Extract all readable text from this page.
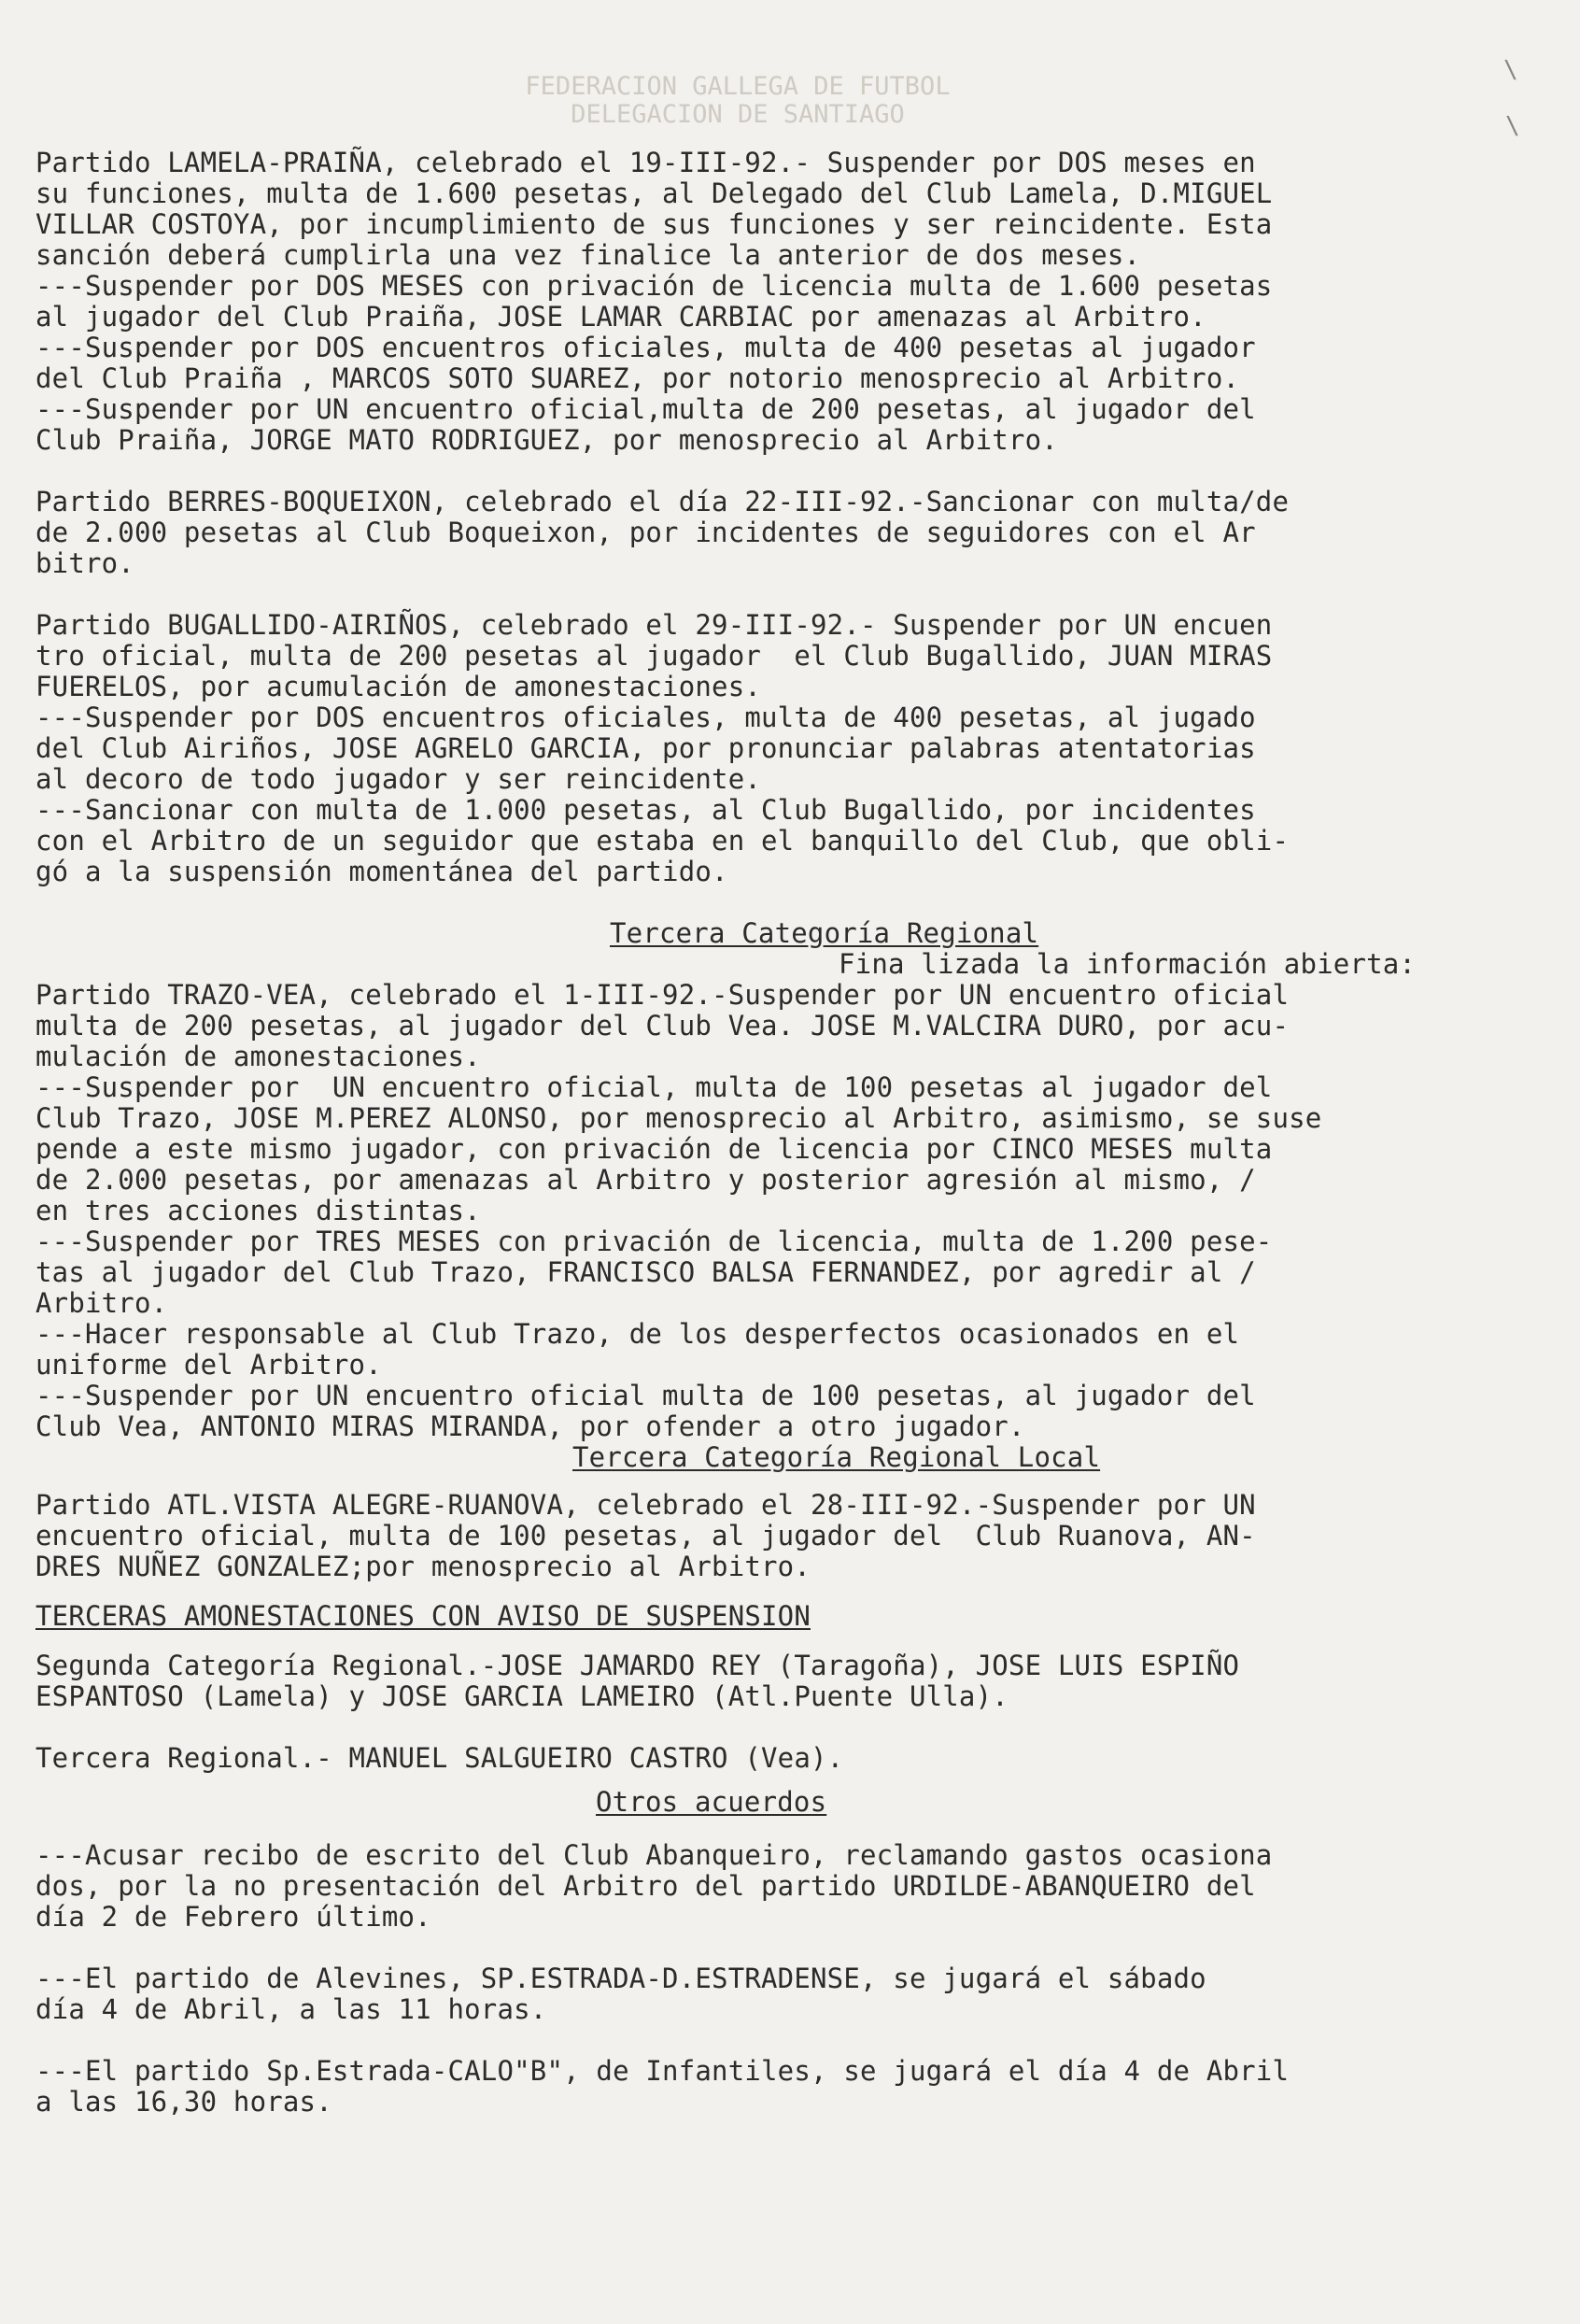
FEDERACION GALLEGA DE FUTBOL
DELEGACION DE SANTIAGO
\
\

Partido LAMELA-PRAIÑA, celebrado el 19-III-92.- Suspender por DOS meses en

su funciones, multa de 1.600 pesetas, al Delegado del Club Lamela, D.MIGUEL

VILLAR COSTOYA, por incumplimiento de sus funciones y ser reincidente. Esta

sanción deberá cumplirla una vez finalice la anterior de dos meses.

---Suspender por DOS MESES con privación de licencia multa de 1.600 pesetas

al jugador del Club Praiña, JOSE LAMAR CARBIAC por amenazas al Arbitro.

---Suspender por DOS encuentros oficiales, multa de 400 pesetas al jugador

del Club Praiña , MARCOS SOTO SUAREZ, por notorio menosprecio al Arbitro.

---Suspender por UN encuentro oficial,multa de 200 pesetas, al jugador del

Club Praiña, JORGE MATO RODRIGUEZ, por menosprecio al Arbitro.

Partido BERRES-BOQUEIXON, celebrado el día 22-III-92.-Sancionar con multa/de

de 2.000 pesetas al Club Boqueixon, por incidentes de seguidores con el Ar

bitro.

Partido BUGALLIDO-AIRIÑOS, celebrado el 29-III-92.- Suspender por UN encuen

tro oficial, multa de 200 pesetas al jugador  el Club Bugallido, JUAN MIRAS

FUERELOS, por acumulación de amonestaciones.

---Suspender por DOS encuentros oficiales, multa de 400 pesetas, al jugado

del Club Airiños, JOSE AGRELO GARCIA, por pronunciar palabras atentatorias

al decoro de todo jugador y ser reincidente.

---Sancionar con multa de 1.000 pesetas, al Club Bugallido, por incidentes

con el Arbitro de un seguidor que estaba en el banquillo del Club, que obli-

gó a la suspensión momentánea del partido.

Tercera Categoría Regional

Fina lizada la información abierta:

Partido TRAZO-VEA, celebrado el 1-III-92.-Suspender por UN encuentro oficial

multa de 200 pesetas, al jugador del Club Vea. JOSE M.VALCIRA DURO, por acu-

mulación de amonestaciones.

---Suspender por  UN encuentro oficial, multa de 100 pesetas al jugador del

Club Trazo, JOSE M.PEREZ ALONSO, por menosprecio al Arbitro, asimismo, se suse

pende a este mismo jugador, con privación de licencia por CINCO MESES multa

de 2.000 pesetas, por amenazas al Arbitro y posterior agresión al mismo, /

en tres acciones distintas.

---Suspender por TRES MESES con privación de licencia, multa de 1.200 pese-

tas al jugador del Club Trazo, FRANCISCO BALSA FERNANDEZ, por agredir al /

Arbitro.

---Hacer responsable al Club Trazo, de los desperfectos ocasionados en el

uniforme del Arbitro.

---Suspender por UN encuentro oficial multa de 100 pesetas, al jugador del

Club Vea, ANTONIO MIRAS MIRANDA, por ofender a otro jugador.

Tercera Categoría Regional Local

Partido ATL.VISTA ALEGRE-RUANOVA, celebrado el 28-III-92.-Suspender por UN

encuentro oficial, multa de 100 pesetas, al jugador del  Club Ruanova, AN-

DRES NUÑEZ GONZALEZ;por menosprecio al Arbitro.

TERCERAS AMONESTACIONES CON AVISO DE SUSPENSION

Segunda Categoría Regional.-JOSE JAMARDO REY (Taragoña), JOSE LUIS ESPIÑO

ESPANTOSO (Lamela) y JOSE GARCIA LAMEIRO (Atl.Puente Ulla).

Tercera Regional.- MANUEL SALGUEIRO CASTRO (Vea).

Otros acuerdos

---Acusar recibo de escrito del Club Abanqueiro, reclamando gastos ocasiona

dos, por la no presentación del Arbitro del partido URDILDE-ABANQUEIRO del

día 2 de Febrero último.

---El partido de Alevines, SP.ESTRADA-D.ESTRADENSE, se jugará el sábado

día 4 de Abril, a las 11 horas.

---El partido Sp.Estrada-CALO"B", de Infantiles, se jugará el día 4 de Abril

a las 16,30 horas.
